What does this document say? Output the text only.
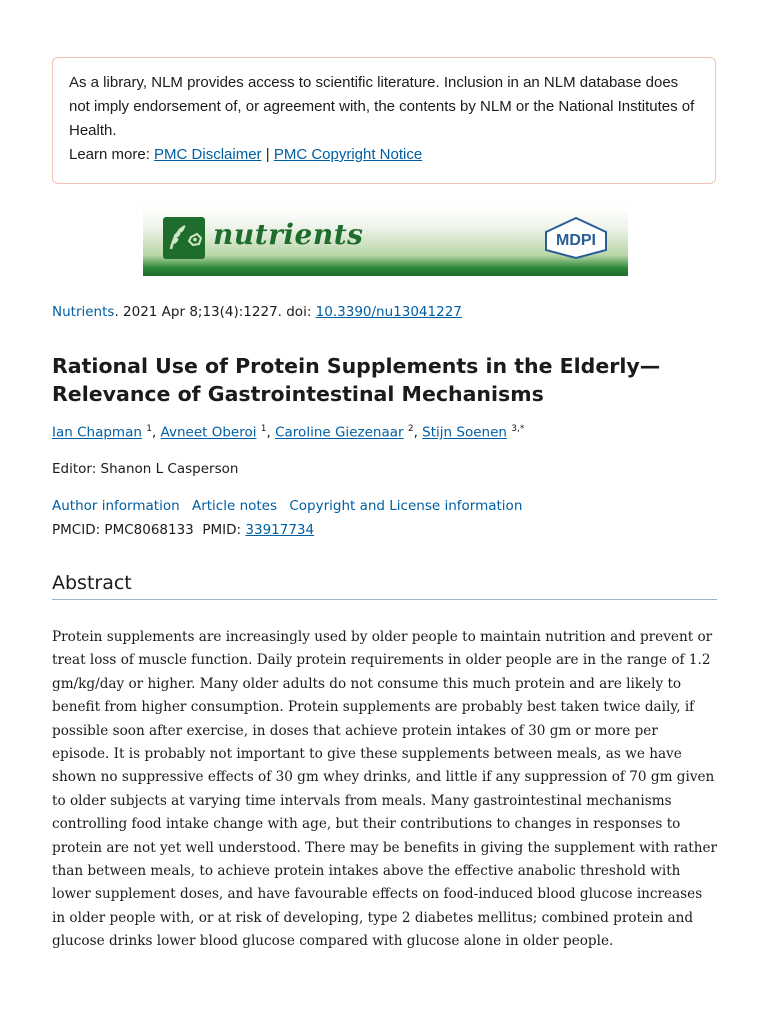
As a library, NLM provides access to scientific literature. Inclusion in an NLM database does not imply endorsement of, or agreement with, the contents by NLM or the National Institutes of Health.
Learn more: PMC Disclaimer | PMC Copyright Notice
nutrients	MDPI
Nutrients. 2021 Apr 8;13(4):1227. doi: 10.3390/nu13041227
Rational Use of Protein Supplements in the Elderly—Relevance of Gastrointestinal Mechanisms
Ian Chapman $^1$, Avneet Oberoi $^1$, Caroline Giezenaar $^2$, Stijn Soenen $^{3,*}$
Editor: Shanon L Casperson
Author information Article notes Copyright and License information
PMCID: PMC8068133 PMID: 33917734
Abstract

Protein supplements are increasingly used by older people to maintain nutrition and prevent or treat loss of muscle function. Daily protein requirements in older people are in the range of 1.2 gm/kg/day or higher. Many older adults do not consume this much protein and are likely to benefit from higher consumption. Protein supplements are probably best taken twice daily, if possible soon after exercise, in doses that achieve protein intakes of 30 gm or more per episode. It is probably not important to give these supplements between meals, as we have shown no suppressive effects of 30 gm whey drinks, and little if any suppression of 70 gm given to older subjects at varying time intervals from meals. Many gastrointestinal mechanisms controlling food intake change with age, but their contributions to changes in responses to protein are not yet well understood. There may be benefits in giving the supplement with rather than between meals, to achieve protein intakes above the effective anabolic threshold with lower supplement doses, and have favourable effects on food-induced blood glucose increases in older people with, or at risk of developing, type 2 diabetes mellitus; combined protein and glucose drinks lower blood glucose compared with glucose alone in older people.
